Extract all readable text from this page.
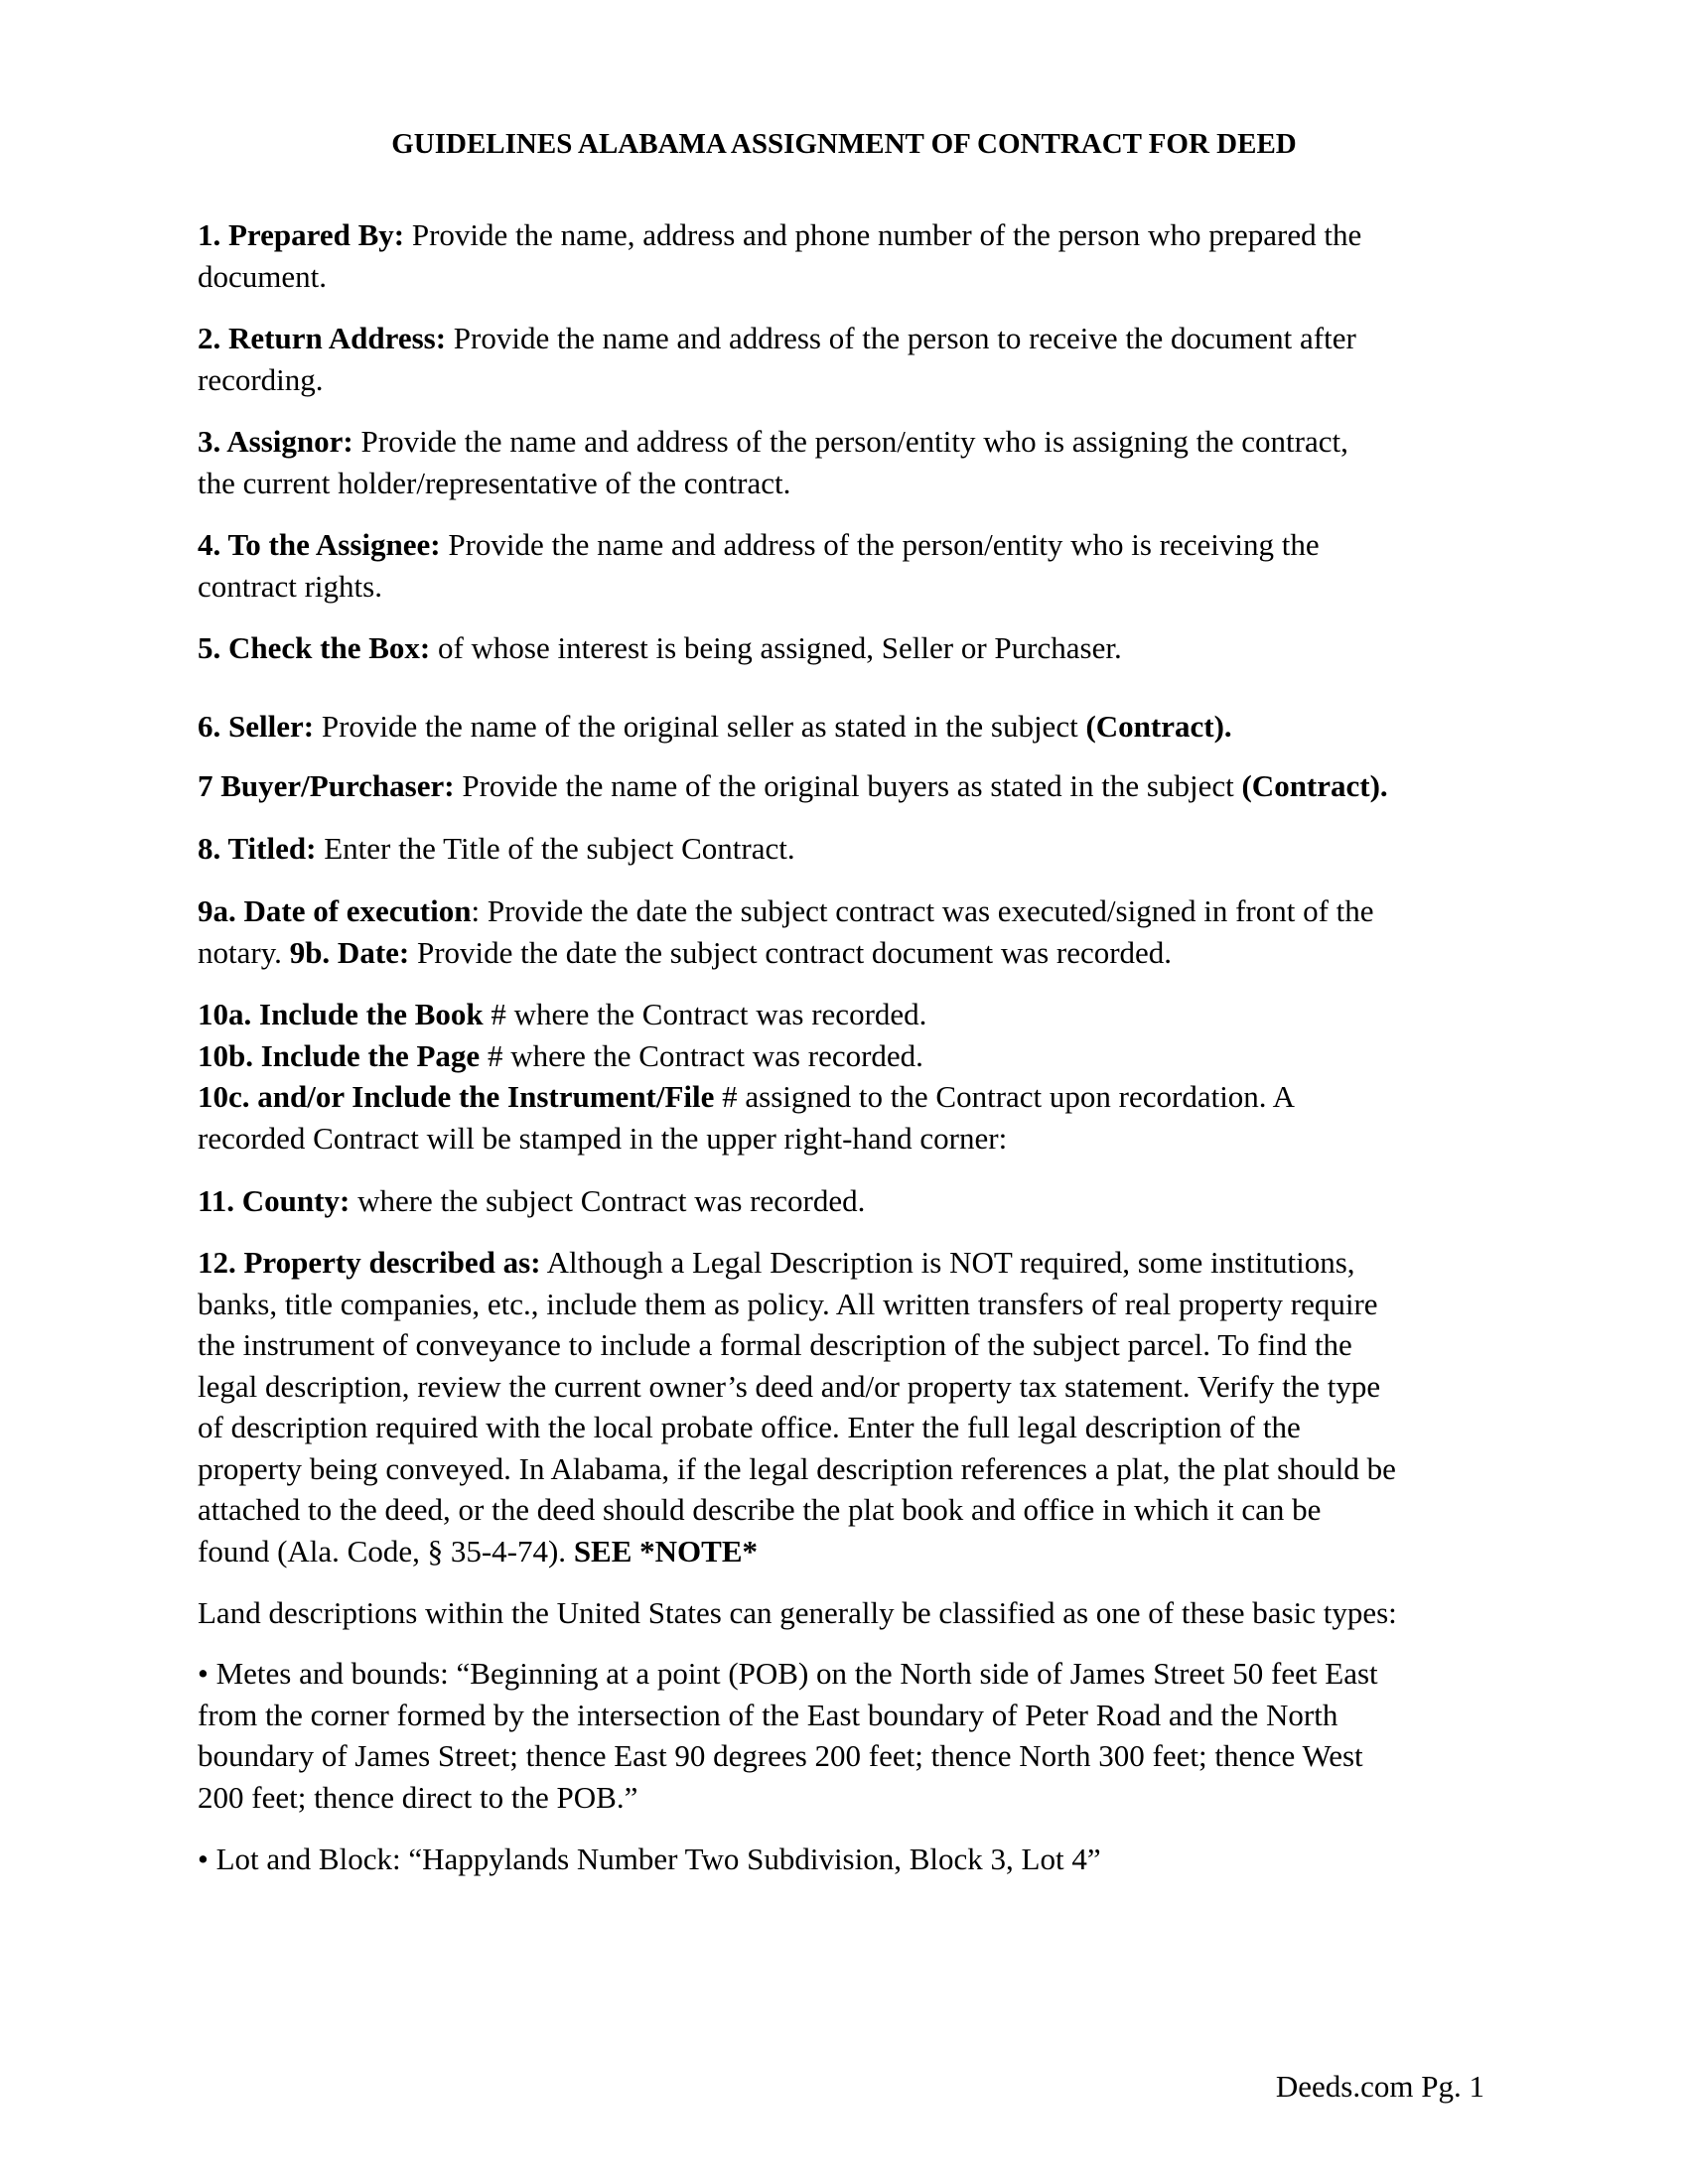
GUIDELINES ALABAMA ASSIGNMENT OF CONTRACT FOR DEED
1. Prepared By: Provide the name, address and phone number of the person who prepared the
document.
2. Return Address: Provide the name and address of the person to receive the document after
recording.
3. Assignor: Provide the name and address of the person/entity who is assigning the contract,
the current holder/representative of the contract.
4. To the Assignee: Provide the name and address of the person/entity who is receiving the
contract rights.
5. Check the Box: of whose interest is being assigned, Seller or Purchaser.
6. Seller: Provide the name of the original seller as stated in the subject (Contract).
7 Buyer/Purchaser: Provide the name of the original buyers as stated in the subject (Contract).
8. Titled: Enter the Title of the subject Contract.
9a. Date of execution: Provide the date the subject contract was executed/signed in front of the
notary. 9b. Date: Provide the date the subject contract document was recorded.
10a. Include the Book # where the Contract was recorded.
10b. Include the Page # where the Contract was recorded.
10c. and/or Include the Instrument/File # assigned to the Contract upon recordation. A
recorded Contract will be stamped in the upper right-hand corner:
11. County: where the subject Contract was recorded.
12. Property described as: Although a Legal Description is NOT required, some institutions,
banks, title companies, etc., include them as policy. All written transfers of real property require
the instrument of conveyance to include a formal description of the subject parcel. To find the
legal description, review the current owner’s deed and/or property tax statement. Verify the type
of description required with the local probate office. Enter the full legal description of the
property being conveyed. In Alabama, if the legal description references a plat, the plat should be
attached to the deed, or the deed should describe the plat book and office in which it can be
found (Ala. Code, § 35-4-74). SEE *NOTE*
Land descriptions within the United States can generally be classified as one of these basic types:
• Metes and bounds: “Beginning at a point (POB) on the North side of James Street 50 feet East
from the corner formed by the intersection of the East boundary of Peter Road and the North
boundary of James Street; thence East 90 degrees 200 feet; thence North 300 feet; thence West
200 feet; thence direct to the POB.”
• Lot and Block: “Happylands Number Two Subdivision, Block 3, Lot 4”
Deeds.com Pg. 1
